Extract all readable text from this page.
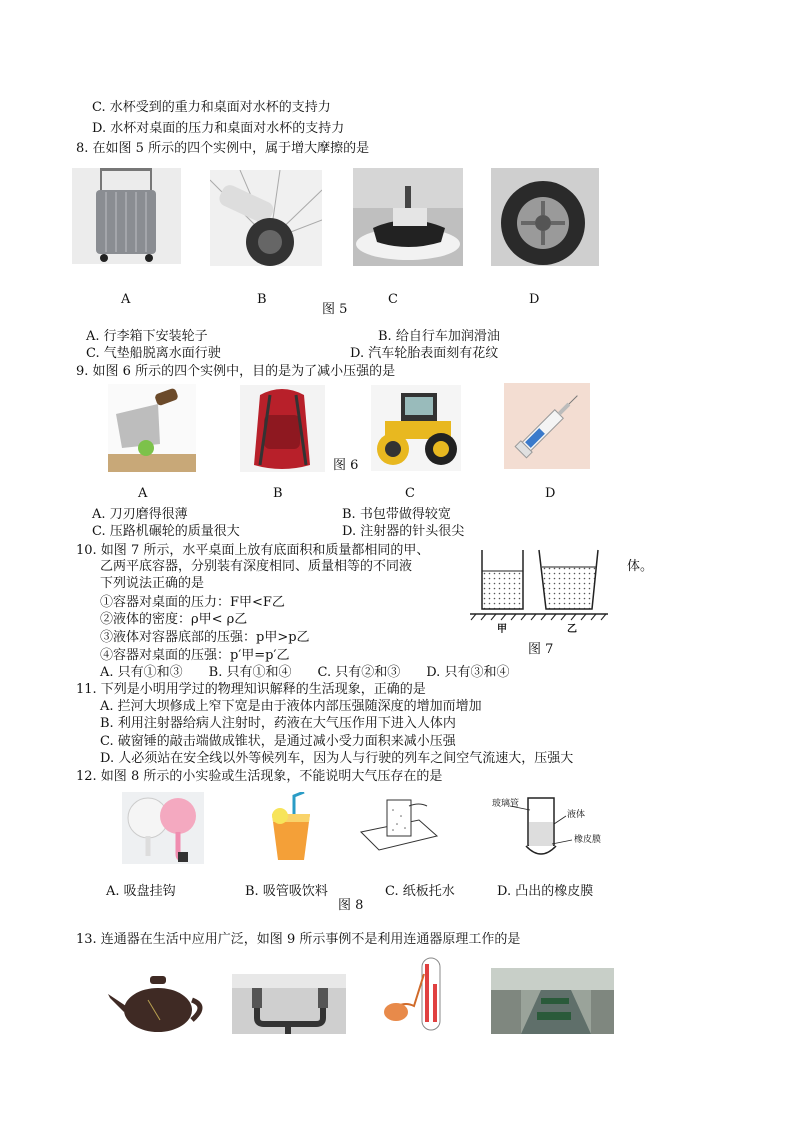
C. 水杯受到的重力和桌面对水杯的支持力
D. 水杯对桌面的压力和桌面对水杯的支持力
8. 在如图 5 所示的四个实例中，属于增大摩擦的是
A	B	C	D
图 5
A. 行李箱下安装轮子	B. 给自行车加润滑油
C. 气垫船脱离水面行驶	D. 汽车轮胎表面刻有花纹
9. 如图 6 所示的四个实例中，目的是为了减小压强的是
图 6
A	B	C	D
A. 刀刃磨得很薄	B. 书包带做得较宽
C. 压路机碾轮的质量很大	D. 注射器的针头很尖
10. 如图 7 所示，水平桌面上放有底面积和质量都相同的甲、
乙两平底容器，分别装有深度相同、质量相等的不同液	体。
下列说法正确的是
①容器对桌面的压力：F甲<F乙
②液体的密度：ρ甲< ρ乙
③液体对容器底部的压强：p甲>p乙
④容器对桌面的压强：p′甲=p′乙
A. 只有①和③　　B. 只有①和④　　C. 只有②和③　　D. 只有③和④
甲	乙
图 7
11. 下列是小明用学过的物理知识解释的生活现象，正确的是
A. 拦河大坝修成上窄下宽是由于液体内部压强随深度的增加而增加
B. 利用注射器给病人注射时，药液在大气压作用下进入人体内
C. 破窗锤的敲击端做成锥状，是通过减小受力面积来减小压强
D. 人必须站在安全线以外等候列车，因为人与行驶的列车之间空气流速大，压强大
12. 如图 8 所示的小实验或生活现象，不能说明大气压存在的是
玻璃管
液体
橡皮膜
A. 吸盘挂钩	B. 吸管吸饮料	C. 纸板托水	D. 凸出的橡皮膜
图 8
13. 连通器在生活中应用广泛，如图 9 所示事例不是利用连通器原理工作的是
